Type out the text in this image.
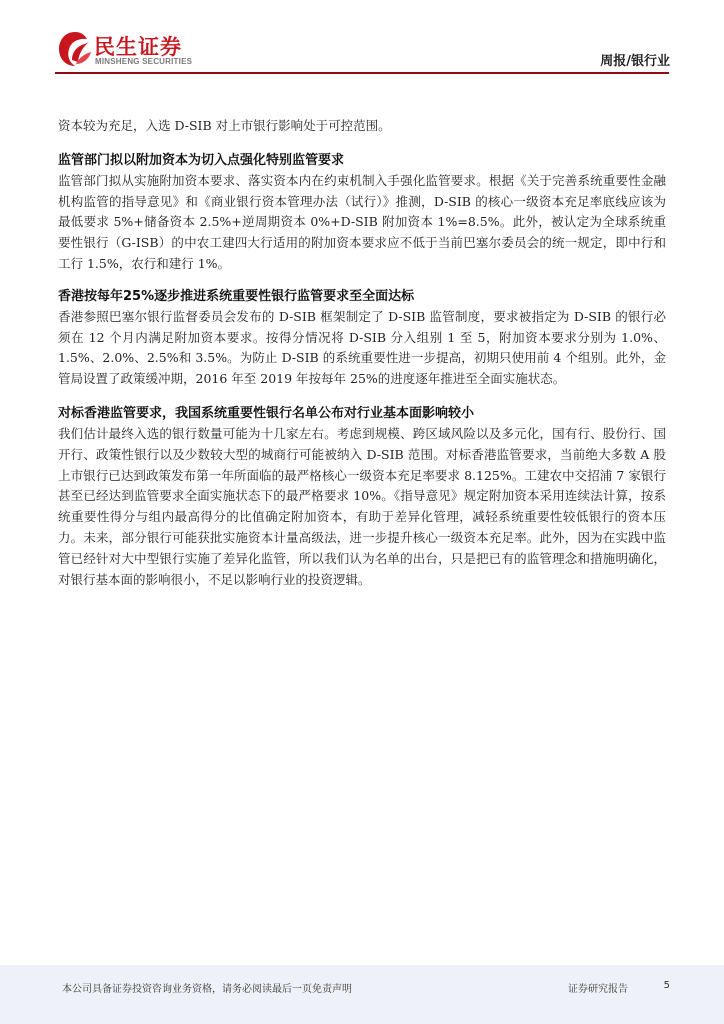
民生证券
MINSHENG SECURITIES	周报/银行业

资本较为充足，入选 D-SIB 对上市银行影响处于可控范围。

监管部门拟以附加资本为切入点强化特别监管要求

监管部门拟从实施附加资本要求、落实资本内在约束机制入手强化监管要求。根据《关于完善系统重要性金融机构监管的指导意见》和《商业银行资本管理办法（试行）》推测，D-SIB 的核心一级资本充足率底线应该为最低要求 5%+储备资本 2.5%+逆周期资本 0%+D-SIB 附加资本 1%=8.5%。此外，被认定为全球系统重要性银行（G-ISB）的中农工建四大行适用的附加资本要求应不低于当前巴塞尔委员会的统一规定，即中行和工行 1.5%，农行和建行 1%。

香港按每年25%逐步推进系统重要性银行监管要求至全面达标

香港参照巴塞尔银行监督委员会发布的 D-SIB 框架制定了 D-SIB 监管制度，要求被指定为 D-SIB 的银行必须在 12 个月内满足附加资本要求。按得分情况将 D-SIB 分入组别 1 至 5，附加资本要求分别为 1.0%、1.5%、2.0%、2.5%和 3.5%。为防止 D-SIB 的系统重要性进一步提高，初期只使用前 4 个组别。此外，金管局设置了政策缓冲期，2016 年至 2019 年按每年 25%的进度逐年推进至全面实施状态。

对标香港监管要求，我国系统重要性银行名单公布对行业基本面影响较小

我们估计最终入选的银行数量可能为十几家左右。考虑到规模、跨区域风险以及多元化，国有行、股份行、国开行、政策性银行以及少数较大型的城商行可能被纳入 D-SIB 范围。对标香港监管要求，当前绝大多数 A 股上市银行已达到政策发布第一年所面临的最严格核心一级资本充足率要求 8.125%。工建农中交招浦 7 家银行甚至已经达到监管要求全面实施状态下的最严格要求 10%。《指导意见》规定附加资本采用连续法计算，按系统重要性得分与组内最高得分的比值确定附加资本，有助于差异化管理，减轻系统重要性较低银行的资本压力。未来，部分银行可能获批实施资本计量高级法，进一步提升核心一级资本充足率。此外，因为在实践中监管已经针对大中型银行实施了差异化监管，所以我们认为名单的出台，只是把已有的监管理念和措施明确化，对银行基本面的影响很小，不足以影响行业的投资逻辑。

本公司具备证券投资咨询业务资格，请务必阅读最后一页免责声明	证券研究报告	5
